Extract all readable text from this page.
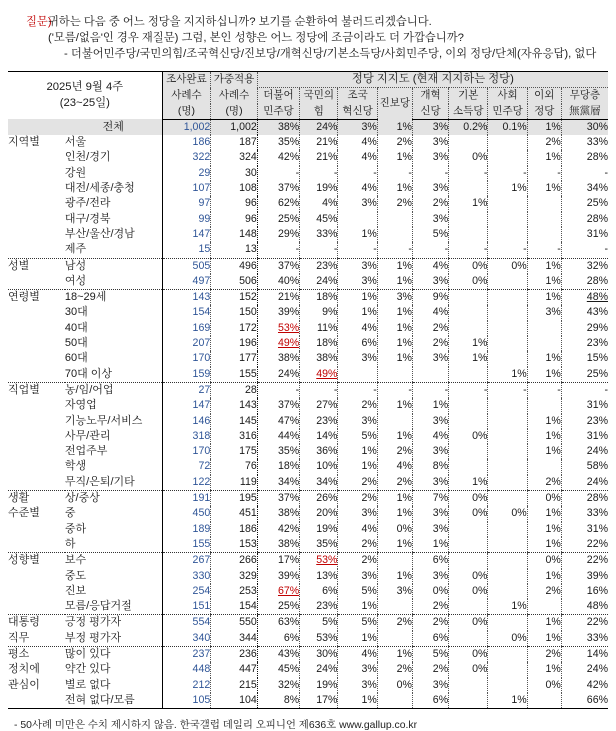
질문)
귀하는 다음 중 어느 정당을 지지하십니까? 보기를 순환하여 불러드리겠습니다.
('모름/없음'인 경우 재질문) 그럼, 본인 성향은 어느 정당에 조금이라도 더 가깝습니까?
- 더불어민주당/국민의힘/조국혁신당/진보당/개혁신당/기본소득당/사회민주당, 이외 정당/단체(자유응답), 없다
2025년 9월 4주
(23~25일)		조사완료	가중적용	정당 지지도 (현재 지지하는 정당)								
		사례수	사례수	더불어	국민의	조국	진보당	개혁	기본	사회	이외	무당층
		(명)	(명)	민주당	힘	혁신당		신당	소득당	민주당	정당	無黨層
	전체	1,002	1,002	38%	24%	3%	1%	3%	0.2%	0.1%	1%	30%
지역별	서울	186	187	35%	21%	4%	2%	3%			2%	33%
	인천/경기	322	324	42%	21%	4%	1%	3%	0%		1%	28%
	강원	29	30	-	-	-	-	-	-	-	-	-
	대전/세종/충청	107	108	37%	19%	4%	1%	3%		1%	1%	34%
	광주/전라	97	96	62%	4%	3%	2%	2%	1%			25%
	대구/경북	99	96	25%	45%			3%				28%
	부산/울산/경남	147	148	29%	33%	1%		5%				31%
	제주	15	13	-	-	-	-	-	-	-	-	-
성별	남성	505	496	37%	23%	3%	1%	4%	0%	0%	1%	32%
	여성	497	506	40%	24%	3%	1%	3%	0%		1%	28%
연령별	18~29세	143	152	21%	18%	1%	3%	9%			1%	48%
	30대	154	150	39%	9%	1%	1%	4%			3%	43%
	40대	169	172	53%	11%	4%	1%	2%				29%
	50대	207	196	49%	18%	6%	1%	2%	1%			23%
	60대	170	177	38%	38%	3%	1%	3%	1%		1%	15%
	70대 이상	159	155	24%	49%					1%	1%	25%
직업별	농/임/어업	27	28	-	-	-	-	-	-	-	-	-
	자영업	147	143	37%	27%	2%	1%	1%				31%
	기능노무/서비스	146	145	47%	23%	3%		3%			1%	23%
	사무/관리	318	316	44%	14%	5%	1%	4%	0%		1%	31%
	전업주부	170	175	35%	36%	1%	2%	3%			1%	24%
	학생	72	76	18%	10%	1%	4%	8%				58%
	무직/은퇴/기타	122	119	34%	34%	2%	2%	3%	1%		2%	24%
생활	상/중상	191	195	37%	26%	2%	1%	7%	0%		0%	28%
수준별	중	450	451	38%	20%	3%	1%	3%	0%	0%	1%	33%
	중하	189	186	42%	19%	4%	0%	3%			1%	31%
	하	155	153	38%	35%	2%	1%	1%			1%	22%
성향별	보수	267	266	17%	53%	2%		6%			0%	22%
	중도	330	329	39%	13%	3%	1%	3%	0%		1%	39%
	진보	254	253	67%	6%	5%	3%	0%	0%		2%	16%
	모름/응답거절	151	154	25%	23%	1%		2%		1%		48%
대통령	긍정 평가자	554	550	63%	5%	5%	2%	2%	0%		1%	22%
직무	부정 평가자	340	344	6%	53%	1%		6%		0%	1%	33%
평소	많이 있다	237	236	43%	30%	4%	1%	5%	0%		2%	14%
정치에	약간 있다	448	447	45%	24%	3%	2%	2%	0%		1%	24%
관심이	별로 없다	212	215	32%	19%	3%	0%	3%			0%	42%
	전혀 없다/모름	105	104	8%	17%	1%		6%		1%		66%
- 50사례 미만은 수치 제시하지 않음. 한국갤럽 데일리 오피니언 제636호 www.gallup.co.kr
